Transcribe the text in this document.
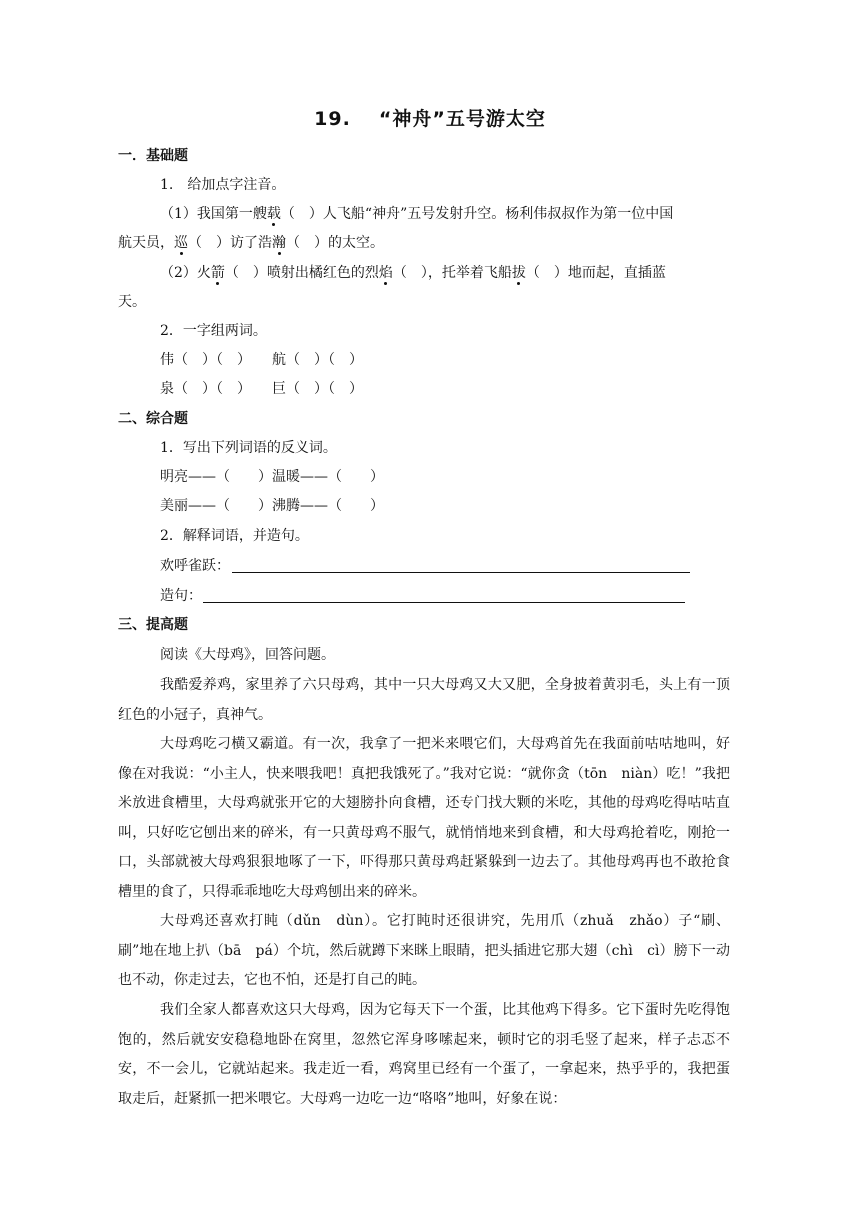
19. “神舟”五号游太空
一．基础题
1.　给加点字注音。
（1）我国第一艘载（　）人飞船“神舟”五号发射升空。杨利伟叔叔作为第一位中国
航天员，巡（　）访了浩瀚（　）的太空。
（2）火箭（　）喷射出橘红色的烈焰（　），托举着飞船拔（　）地而起，直插蓝
天。
2．一字组两词。
伟（　）（　）　　航（　）（　）
泉（　）（　）　　巨（　）（　）
二、综合题
1．写出下列词语的反义词。
明亮——（　　）温暖——（　　）
美丽——（　　）沸腾——（　　）
2．解释词语，并造句。
欢呼雀跃：
造句：
三、提高题
阅读《大母鸡》，回答问题。
我酷爱养鸡，家里养了六只母鸡，其中一只大母鸡又大又肥，全身披着黄羽毛，头上有一顶红色的小冠子，真神气。
大母鸡吃刁横又霸道。有一次，我拿了一把米来喂它们，大母鸡首先在我面前咕咕地叫，好像在对我说：“小主人，快来喂我吧！真把我饿死了。”我对它说：“就你贪（tōn　niàn）吃！”我把米放进食槽里，大母鸡就张开它的大翅膀扑向食槽，还专门找大颗的米吃，其他的母鸡吃得咕咕直叫，只好吃它刨出来的碎米，有一只黄母鸡不服气，就悄悄地来到食槽，和大母鸡抢着吃，刚抢一口，头部就被大母鸡狠狠地啄了一下，吓得那只黄母鸡赶紧躲到一边去了。其他母鸡再也不敢抢食槽里的食了，只得乖乖地吃大母鸡刨出来的碎米。
大母鸡还喜欢打盹（dǔn　dùn）。它打盹时还很讲究，先用爪（zhuǎ　zhǎo）子“刷、刷”地在地上扒（bā　pá）个坑，然后就蹲下来眯上眼睛，把头插进它那大翅（chì　cì）膀下一动也不动，你走过去，它也不怕，还是打自己的盹。
我们全家人都喜欢这只大母鸡，因为它每天下一个蛋，比其他鸡下得多。它下蛋时先吃得饱饱的，然后就安安稳稳地卧在窝里，忽然它浑身哆嗦起来，顿时它的羽毛竖了起来，样子忐忑不安，不一会儿，它就站起来。我走近一看，鸡窝里已经有一个蛋了，一拿起来，热乎乎的，我把蛋取走后，赶紧抓一把米喂它。大母鸡一边吃一边“咯咯”地叫，好象在说：
